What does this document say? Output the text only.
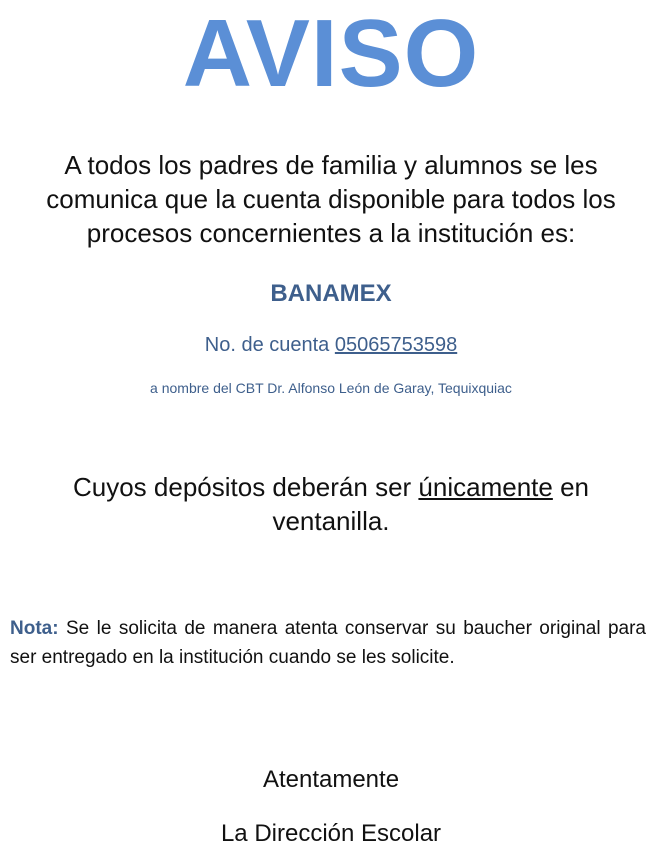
AVISO
A todos los padres de familia y alumnos se les comunica que la cuenta disponible para todos los procesos concernientes a la institución es:
BANAMEX
No. de cuenta 05065753598
a nombre del CBT Dr. Alfonso León de Garay, Tequixquiac
Cuyos depósitos deberán ser únicamente en ventanilla.
Nota: Se le solicita de manera atenta conservar su baucher original para ser entregado en la institución cuando se les solicite.
Atentamente
La Dirección Escolar
